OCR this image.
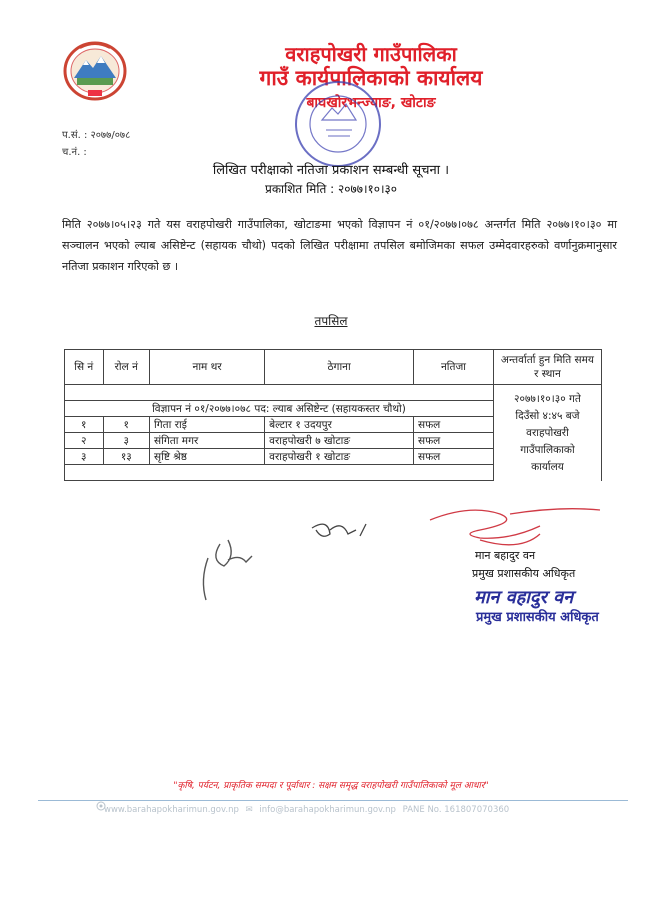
वराहपोखरी गाउँपालिका
गाउँ कार्यपालिकाको कार्यालय
बाघखोरभन्ज्याङ, खोटाङ
प.सं. : २०७७/०७८
च.नं. :
लिखित परीक्षाको नतिजा प्रकाशन सम्बन्धी सूचना ।
प्रकाशित मिति : २०७७।१०।३०
मिति २०७७।०५।२३ गते यस वराहपोखरी गाउँपालिका, खोटाङमा भएको विज्ञापन नं ०१/२०७७।०७८ अन्तर्गत मिति २०७७।१०।३० मा सञ्चालन भएको ल्याब असिष्टेन्ट (सहायक चौथो) पदको लिखित परीक्षामा तपसिल बमोजिमका सफल उम्मेदवारहरुको वर्णानुक्रमानुसार नतिजा प्रकाशन गरिएको छ ।
तपसिल
सि नं	रोल नं	नाम थर	ठेगाना	नतिजा	अन्तर्वार्ता हुन मिति समय र स्थान

					२०७७।१०।३० गते
दिउँसो ४:४५ बजे
वराहपोखरी
गाउँपालिकाको
कार्यालय

विज्ञापन नं ०१/२०७७।०७८ पद: ल्याब असिष्टेन्ट (सहायकस्तर चौथो)					
१	१	गिता राई	बेल्टार १ उदयपुर	सफल	
२	३	संगिता मगर	वराहपोखरी ७ खोटाङ	सफल	
३	१३	सृष्टि श्रेष्ठ	वराहपोखरी १ खोटाङ	सफल	

मान बहादुर वन
प्रमुख प्रशासकीय अधिकृत
मान वहादुर वन
प्रमुख प्रशासकीय अधिकृत
"कृषि, पर्यटन, प्राकृतिक सम्पदा र पूर्वाधार : सक्षम समृद्ध वराहपोखरी गाउँपालिकाको मूल आधार"
www.barahapokharimun.gov.np ✉ info@barahapokharimun.gov.np PANE No. 161807070360
